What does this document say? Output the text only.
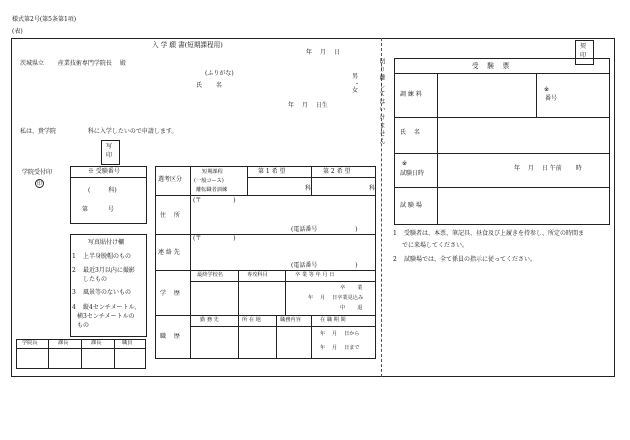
様式第2号(第5条第1項)
(表)
切り離してはいけません
入 学 願 書(短期課程用)
年 　月 　日
茨城県立 　　産業技術専門学院長 　殿
(ふりがな)
氏 　　名
男
・
女
年 　月 　日生
私は、貴学院 　　　　　科に入学したいので申請します。
写
印
学院受付印
印
※ 受験番号
(　　　科)
第 　　　号
写真貼付け欄
1 上半身脱帽のもの
2 最近3月以内に撮影
したもの
3 風景等のないもの
4 縦4センチメートル、
横3センチメートルの
もの
学院長	課長	課長	職員
選考区分
短期課程
(一般コース)
離転職者訓練
第 1 希 望	第 2 希 望
科	科
住 　所
(〒 　　　　　)
(電話番号 　　　　　　)
連 絡 先
(〒 　　　　　)
(電話番号 　　　　　　)
学 　歴
最終学校名	専攻科目	卒 業 等 年 月 日
卒 　　業
年 　月 　日卒業見込み
中 　　退
職 　歴
勤 務 先	所 在 地	職務内容	在 職 期 間
年 　月 　日から
年 　月 　日まで
契
印
受 　験 　票
調 練 料
※
番号
氏 　名
※
試験日時
年 　月 　日 午前 　　時
試 験 場
1 受験者は、本票、筆記具、昼食及び上履きを持参し、所定の時間ま
でに来場してください。
2 試験場では、全て係員の指示に従ってください。
